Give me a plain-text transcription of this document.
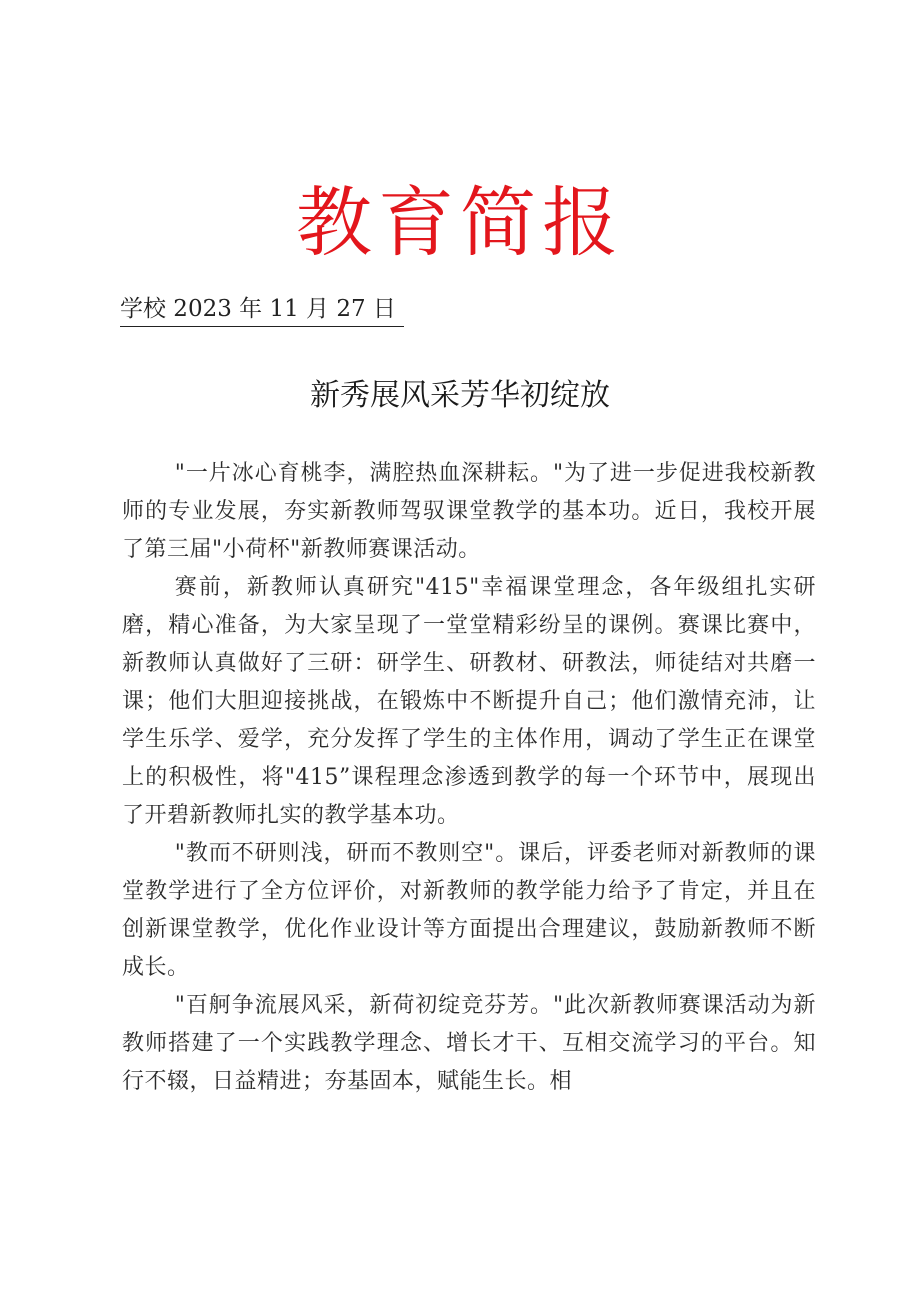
教育简报
学校 2023 年 11 月 27 日
新秀展风采芳华初绽放

"一片冰心育桃李，满腔热血深耕耘。"为了进一步促进我校新教师的专业发展，夯实新教师驾驭课堂教学的基本功。近日，我校开展了第三届"小荷杯"新教师赛课活动。

赛前，新教师认真研究"415"幸福课堂理念，各年级组扎实研磨，精心准备，为大家呈现了一堂堂精彩纷呈的课例。赛课比赛中，新教师认真做好了三研：研学生、研教材、研教法，师徒结对共磨一课；他们大胆迎接挑战，在锻炼中不断提升自己；他们激情充沛，让学生乐学、爱学，充分发挥了学生的主体作用，调动了学生正在课堂上的积极性，将"415”课程理念渗透到教学的每一个环节中，展现出了开碧新教师扎实的教学基本功。

"教而不研则浅，研而不教则空"。课后，评委老师对新教师的课堂教学进行了全方位评价，对新教师的教学能力给予了肯定，并且在创新课堂教学，优化作业设计等方面提出合理建议，鼓励新教师不断成长。

"百舸争流展风采，新荷初绽竞芬芳。"此次新教师赛课活动为新教师搭建了一个实践教学理念、增长才干、互相交流学习的平台。知行不辍，日益精进；夯基固本，赋能生长。相
